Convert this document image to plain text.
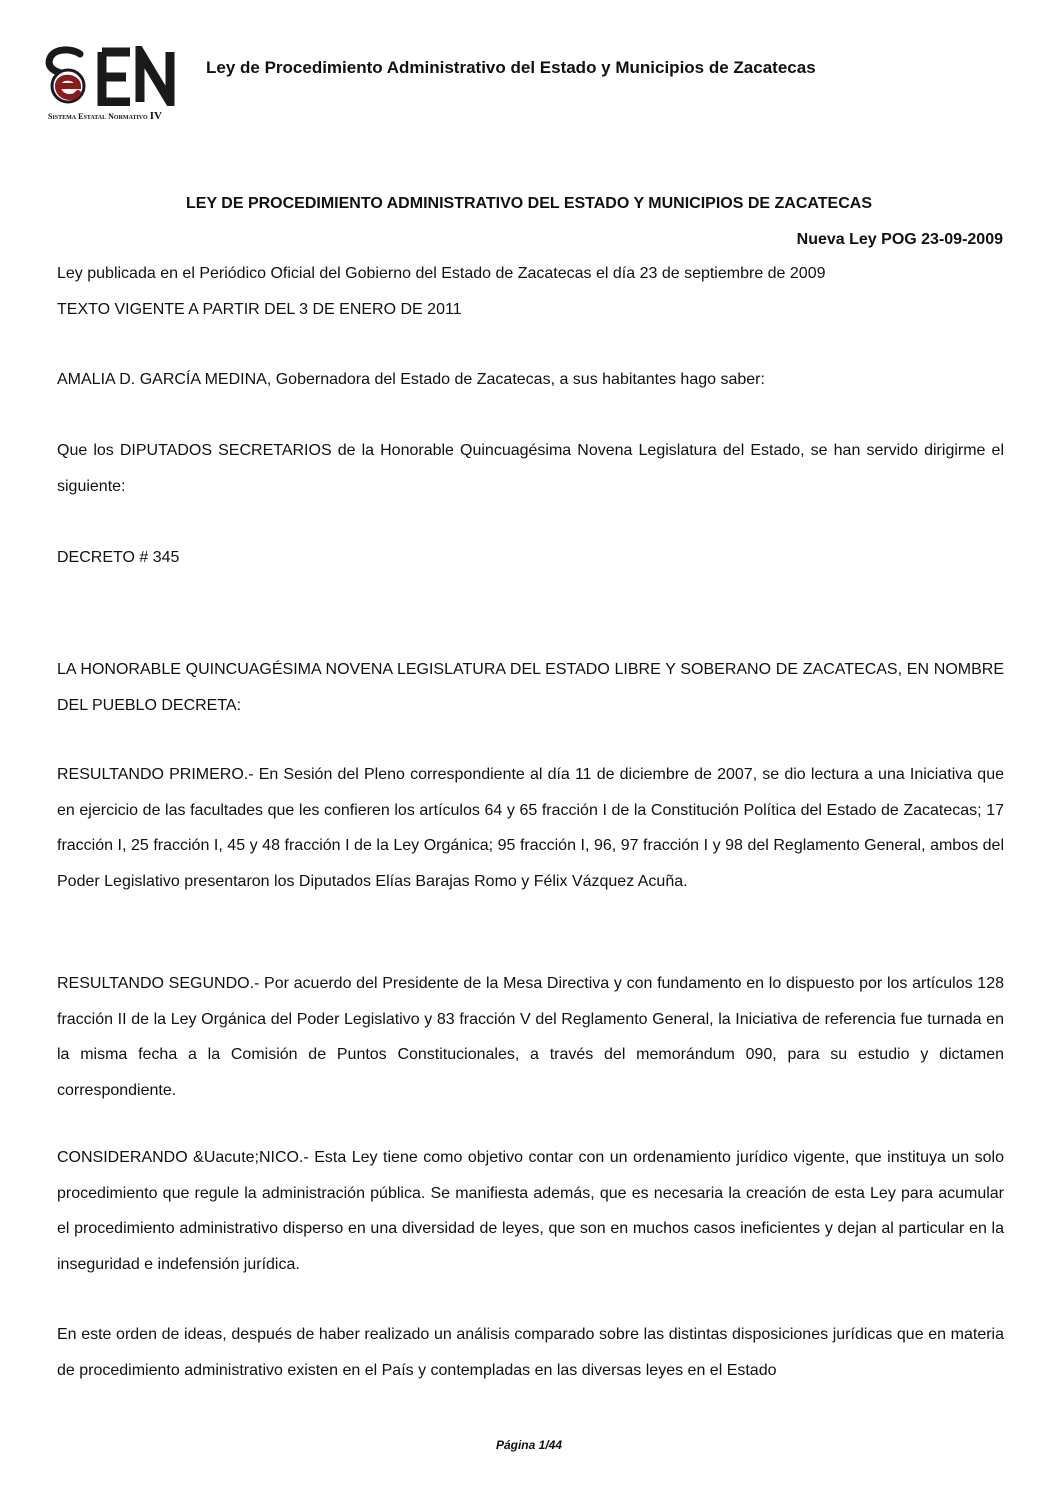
Sistema Estatal Normativo IV
Ley de Procedimiento Administrativo del Estado y Municipios de Zacatecas
LEY DE PROCEDIMIENTO ADMINISTRATIVO DEL ESTADO Y MUNICIPIOS DE ZACATECAS
Nueva Ley POG 23-09-2009
Ley publicada en el Periódico Oficial del Gobierno del Estado de Zacatecas el día 23 de septiembre de 2009
TEXTO VIGENTE A PARTIR DEL 3 DE ENERO DE 2011
AMALIA D. GARCÍA MEDINA, Gobernadora del Estado de Zacatecas, a sus habitantes hago saber:
Que los DIPUTADOS SECRETARIOS de la Honorable Quincuagésima Novena Legislatura del Estado, se han servido dirigirme el siguiente:
DECRETO # 345
LA HONORABLE QUINCUAGÉSIMA NOVENA LEGISLATURA DEL ESTADO LIBRE Y SOBERANO DE ZACATECAS, EN NOMBRE DEL PUEBLO DECRETA:
RESULTANDO PRIMERO.- En Sesión del Pleno correspondiente al día 11 de diciembre de 2007, se dio lectura a una Iniciativa que en ejercicio de las facultades que les confieren los artículos 64 y 65 fracción I de la Constitución Política del Estado de Zacatecas; 17 fracción I, 25 fracción I, 45 y 48 fracción I de la Ley Orgánica; 95 fracción I, 96, 97 fracción I y 98 del Reglamento General, ambos del Poder Legislativo presentaron los Diputados Elías Barajas Romo y Félix Vázquez Acuña.
RESULTANDO SEGUNDO.- Por acuerdo del Presidente de la Mesa Directiva y con fundamento en lo dispuesto por los artículos 128 fracción II de la Ley Orgánica del Poder Legislativo y 83 fracción V del Reglamento General, la Iniciativa de referencia fue turnada en la misma fecha a la Comisión de Puntos Constitucionales, a través del memorándum 090, para su estudio y dictamen correspondiente.
CONSIDERANDO &Uacute;NICO.- Esta Ley tiene como objetivo contar con un ordenamiento jurídico vigente, que instituya un solo procedimiento que regule la administración pública. Se manifiesta además, que es necesaria la creación de esta Ley para acumular el procedimiento administrativo disperso en una diversidad de leyes, que son en muchos casos ineficientes y dejan al particular en la inseguridad e indefensión jurídica.
En este orden de ideas, después de haber realizado un análisis comparado sobre las distintas disposiciones jurídicas que en materia de procedimiento administrativo existen en el País y contempladas en las diversas leyes en el Estado
Página 1/44
